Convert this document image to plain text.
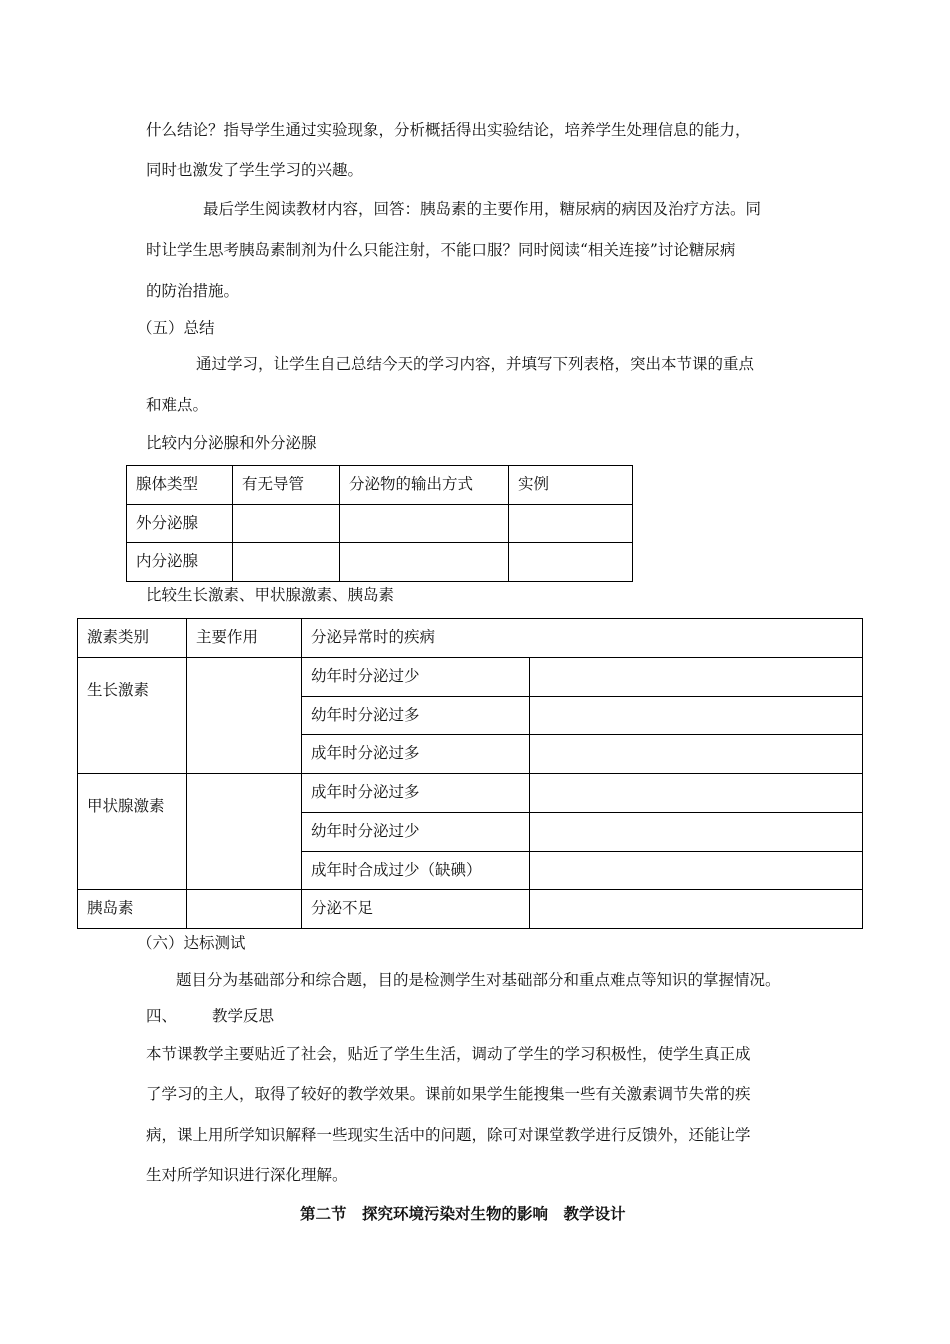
什么结论？指导学生通过实验现象，分析概括得出实验结论，培养学生处理信息的能力，
同时也激发了学生学习的兴趣。
最后学生阅读教材内容，回答：胰岛素的主要作用，糖尿病的病因及治疗方法。同
时让学生思考胰岛素制剂为什么只能注射，不能口服？同时阅读“相关连接”讨论糖尿病
的防治措施。
（五）总结
通过学习，让学生自己总结今天的学习内容，并填写下列表格，突出本节课的重点
和难点。
比较内分泌腺和外分泌腺
腺体类型	有无导管	分泌物的输出方式	实例
外分泌腺			
内分泌腺			
比较生长激素、甲状腺激素、胰岛素
激素类别	主要作用	分泌异常时的疾病	
生长激素		幼年时分泌过少	
		幼年时分泌过多	
		成年时分泌过多	
甲状腺激素		成年时分泌过多	
		幼年时分泌过少	
		成年时合成过少（缺碘）	
胰岛素		分泌不足	
（六）达标测试
题目分为基础部分和综合题，目的是检测学生对基础部分和重点难点等知识的掌握情况。
四、 教学反思
本节课教学主要贴近了社会，贴近了学生生活，调动了学生的学习积极性，使学生真正成
了学习的主人，取得了较好的教学效果。课前如果学生能搜集一些有关激素调节失常的疾
病，课上用所学知识解释一些现实生活中的问题，除可对课堂教学进行反馈外，还能让学
生对所学知识进行深化理解。
第二节　探究环境污染对生物的影响　教学设计
